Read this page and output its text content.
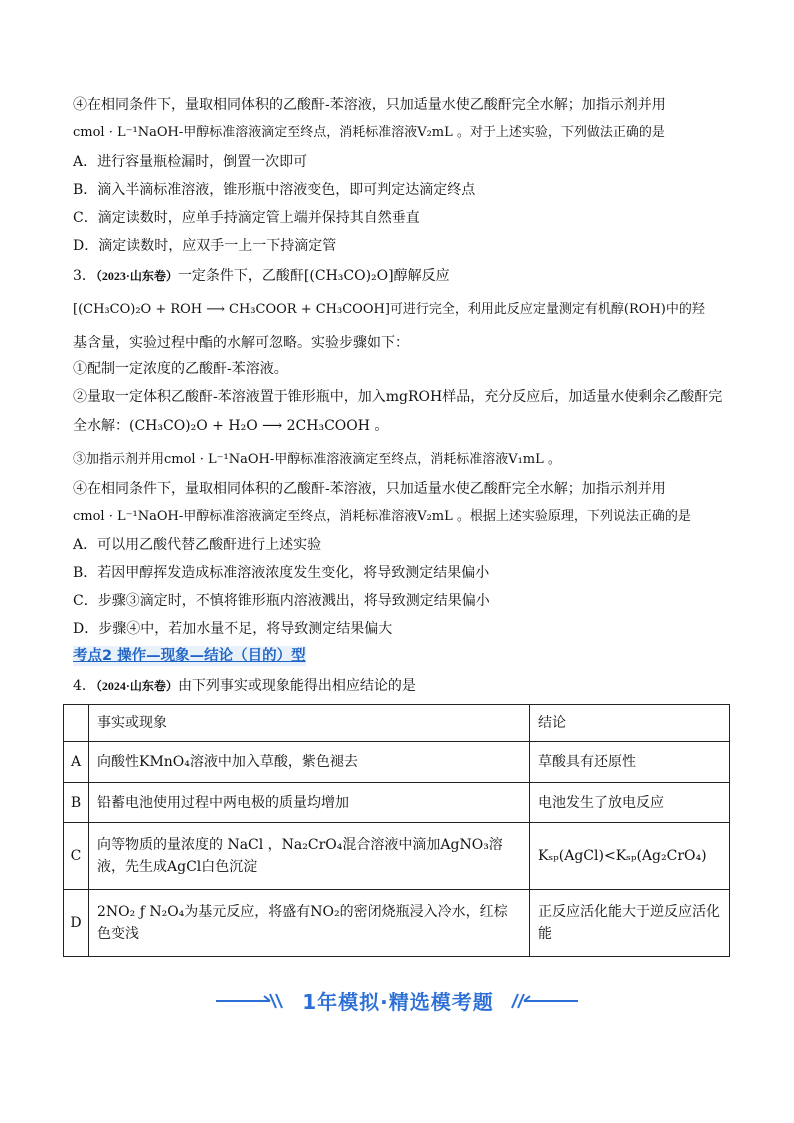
④在相同条件下，量取相同体积的乙酸酐-苯溶液，只加适量水使乙酸酐完全水解；加指示剂并用
cmol · L⁻¹NaOH-甲醇标准溶液滴定至终点，消耗标准溶液V₂mL 。对于上述实验，下列做法正确的是
A．进行容量瓶检漏时，倒置一次即可
B．滴入半滴标准溶液，锥形瓶中溶液变色，即可判定达滴定终点
C．滴定读数时，应单手持滴定管上端并保持其自然垂直
D．滴定读数时，应双手一上一下持滴定管
3．（2023·山东卷）一定条件下，乙酸酐[(CH₃CO)₂O]醇解反应
[(CH₃CO)₂O + ROH ⟶ CH₃COOR + CH₃COOH]可进行完全，利用此反应定量测定有机醇(ROH)中的羟
基含量，实验过程中酯的水解可忽略。实验步骤如下：
①配制一定浓度的乙酸酐-苯溶液。
②量取一定体积乙酸酐-苯溶液置于锥形瓶中，加入mgROH样品，充分反应后，加适量水使剩余乙酸酐完
全水解：(CH₃CO)₂O + H₂O ⟶ 2CH₃COOH 。
③加指示剂并用cmol · L⁻¹NaOH-甲醇标准溶液滴定至终点，消耗标准溶液V₁mL 。
④在相同条件下，量取相同体积的乙酸酐-苯溶液，只加适量水使乙酸酐完全水解；加指示剂并用
cmol · L⁻¹NaOH-甲醇标准溶液滴定至终点，消耗标准溶液V₂mL 。根据上述实验原理，下列说法正确的是
A．可以用乙酸代替乙酸酐进行上述实验
B．若因甲醇挥发造成标准溶液浓度发生变化，将导致测定结果偏小
C．步骤③滴定时，不慎将锥形瓶内溶液溅出，将导致测定结果偏小
D．步骤④中，若加水量不足，将导致测定结果偏大
考点2 操作—现象—结论（目的）型
4．（2024·山东卷）由下列事实或现象能得出相应结论的是
	事实或现象	结论
A	向酸性KMnO₄溶液中加入草酸，紫色褪去	草酸具有还原性
B	铅蓄电池使用过程中两电极的质量均增加	电池发生了放电反应
C	向等物质的量浓度的 NaCl ，Na₂CrO₄混合溶液中滴加AgNO₃溶液，先生成AgCl白色沉淀	Kₛₚ(AgCl)<Kₛₚ(Ag₂CrO₄)
D	2NO₂ ƒ N₂O₄为基元反应，将盛有NO₂的密闭烧瓶浸入冷水，红棕色变浅	正反应活化能大于逆反应活化能
1年模拟·精选模考题
